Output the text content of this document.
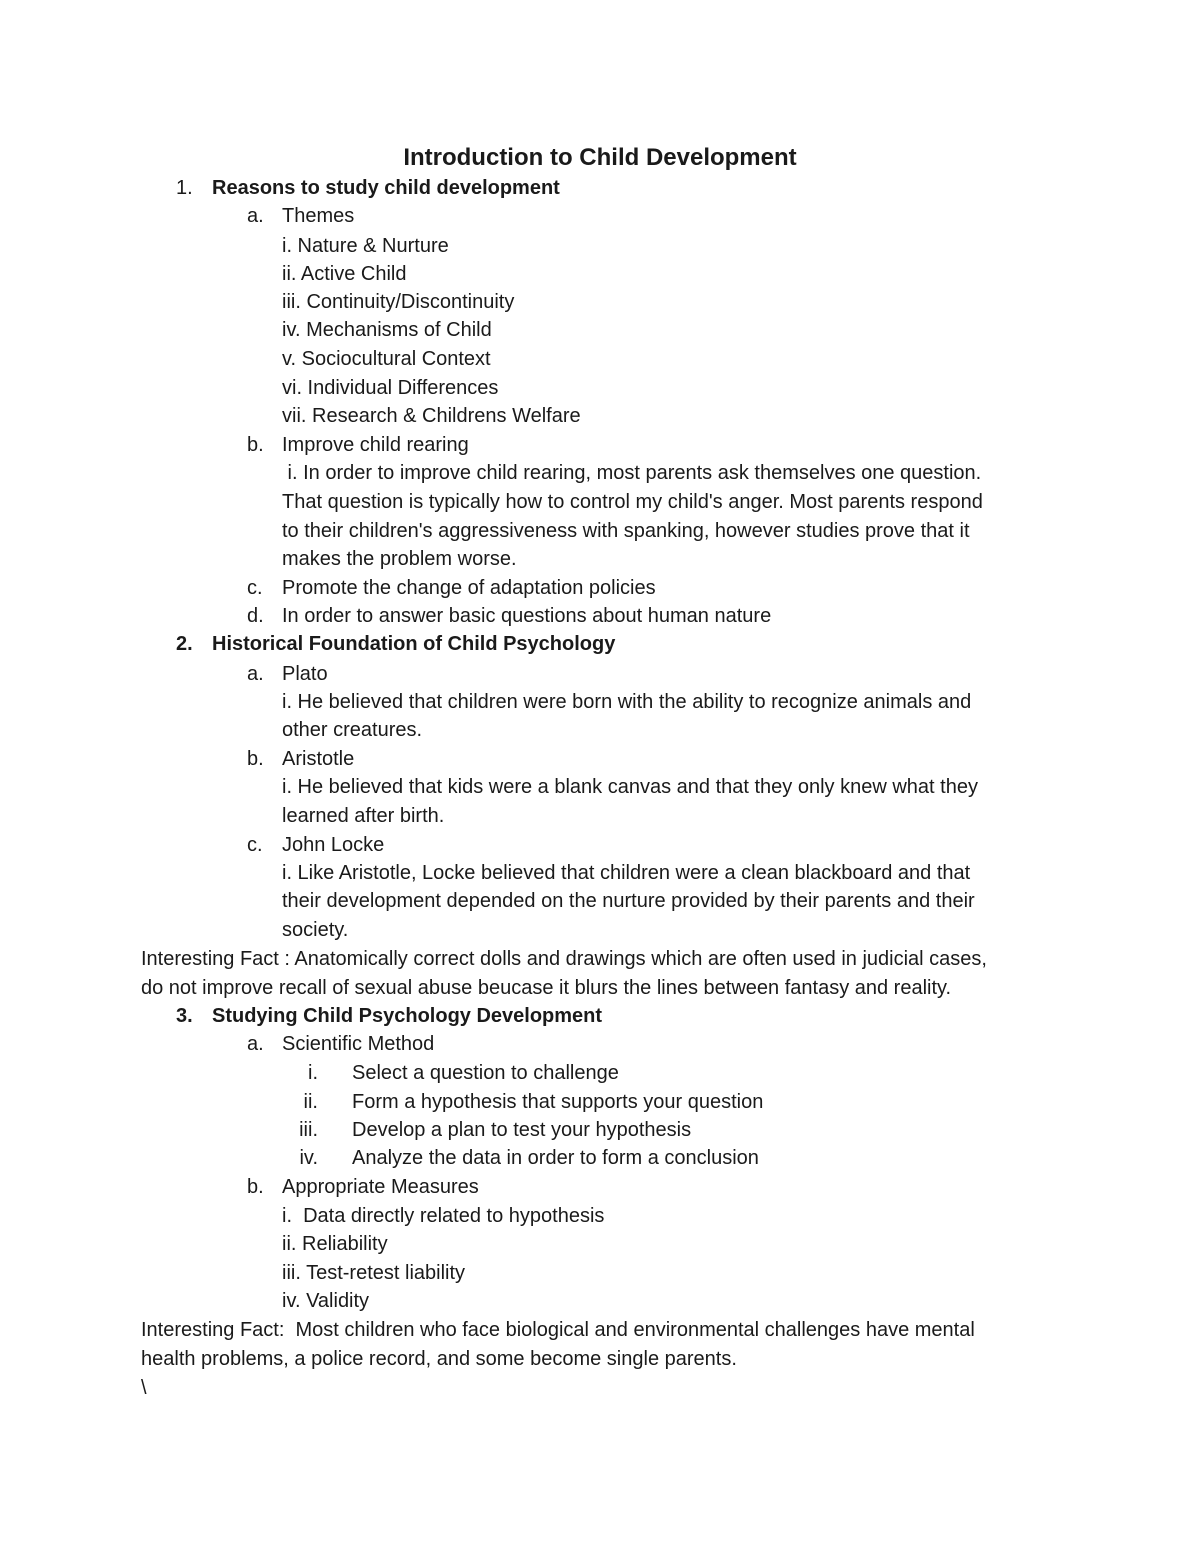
Introduction to Child Development
1. Reasons to study child development
a. Themes
i. Nature & Nurture
ii. Active Child
iii. Continuity/Discontinuity
iv. Mechanisms of Child
v. Sociocultural Context
vi. Individual Differences
vii. Research & Childrens Welfare
b. Improve child rearing
i. In order to improve child rearing, most parents ask themselves one question.
That question is typically how to control my child's anger. Most parents respond
to their children's aggressiveness with spanking, however studies prove that it
makes the problem worse.
c. Promote the change of adaptation policies
d. In order to answer basic questions about human nature
2. Historical Foundation of Child Psychology
a. Plato
i. He believed that children were born with the ability to recognize animals and
other creatures.
b. Aristotle
i. He believed that kids were a blank canvas and that they only knew what they
learned after birth.
c. John Locke
i. Like Aristotle, Locke believed that children were a clean blackboard and that
their development depended on the nurture provided by their parents and their
society.
Interesting Fact : Anatomically correct dolls and drawings which are often used in judicial cases,
do not improve recall of sexual abuse beucase it blurs the lines between fantasy and reality.
3. Studying Child Psychology Development
a. Scientific Method
i. Select a question to challenge
ii. Form a hypothesis that supports your question
iii. Develop a plan to test your hypothesis
iv. Analyze the data in order to form a conclusion
b. Appropriate Measures
i.  Data directly related to hypothesis
ii. Reliability
iii. Test-retest liability
iv. Validity
Interesting Fact:  Most children who face biological and environmental challenges have mental
health problems, a police record, and some become single parents.
\
